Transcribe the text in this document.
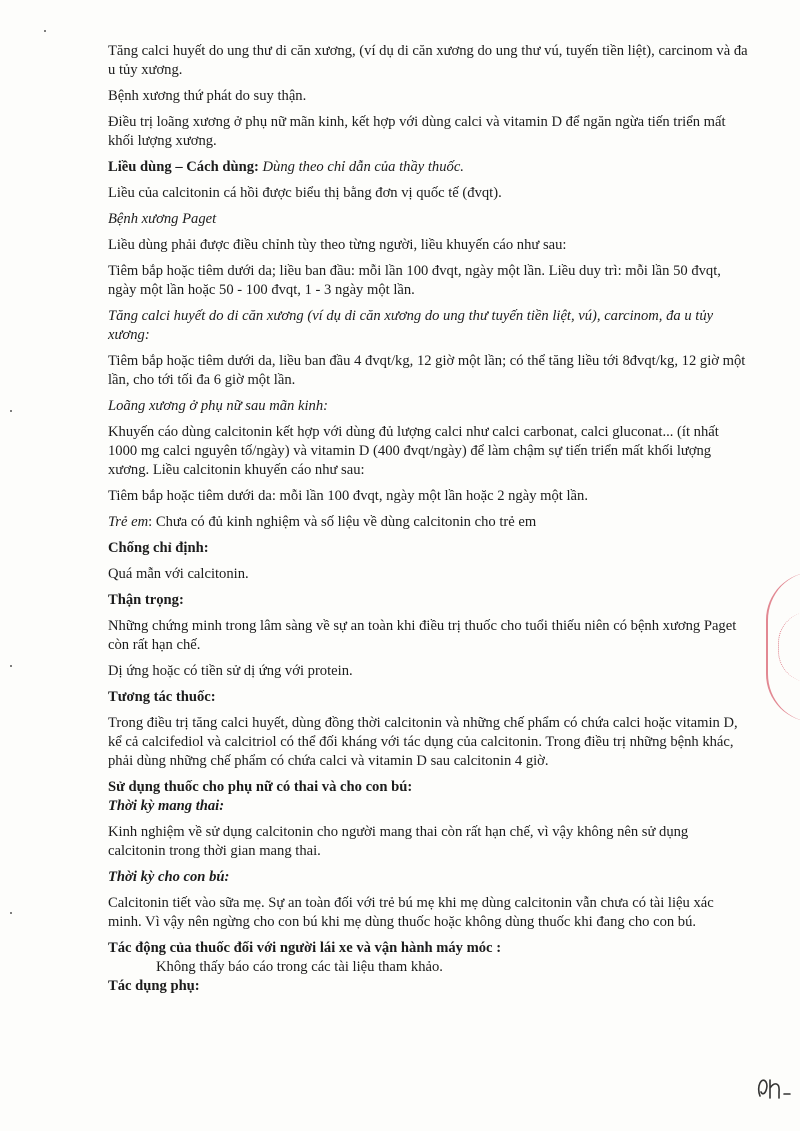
Tăng calci huyết do ung thư di căn xương, (ví dụ di căn xương do ung thư vú, tuyến tiền liệt), carcinom và đa u tủy xương.

Bệnh xương thứ phát do suy thận.

Điều trị loãng xương ở phụ nữ mãn kinh, kết hợp với dùng calci và vitamin D để ngăn ngừa tiến triển mất khối lượng xương.

Liều dùng – Cách dùng: Dùng theo chỉ dẫn của thầy thuốc.

Liều của calcitonin cá hồi được biểu thị bằng đơn vị quốc tế (đvqt).

Bệnh xương Paget

Liều dùng phải được điều chỉnh tùy theo từng người, liều khuyến cáo như sau:

Tiêm bắp hoặc tiêm dưới da; liều ban đầu: mỗi lần 100 đvqt, ngày một lần. Liều duy trì: mỗi lần 50 đvqt, ngày một lần hoặc 50 - 100 đvqt, 1 - 3 ngày một lần.

Tăng calci huyết do di căn xương (ví dụ di căn xương do ung thư tuyến tiền liệt, vú), carcinom, đa u tủy xương:

Tiêm bắp hoặc tiêm dưới da, liều ban đầu 4 đvqt/kg, 12 giờ một lần; có thể tăng liều tới 8đvqt/kg, 12 giờ một lần, cho tới tối đa 6 giờ một lần.

Loãng xương ở phụ nữ sau mãn kinh:

Khuyến cáo dùng calcitonin kết hợp với dùng đủ lượng calci như calci carbonat, calci gluconat... (ít nhất 1000 mg calci nguyên tố/ngày) và vitamin D (400 đvqt/ngày) để làm chậm sự tiến triển mất khối lượng xương. Liều calcitonin khuyến cáo như sau:

Tiêm bắp hoặc tiêm dưới da: mỗi lần 100 đvqt, ngày một lần hoặc 2 ngày một lần.

Trẻ em: Chưa có đủ kinh nghiệm và số liệu về dùng calcitonin cho trẻ em

Chống chỉ định:

Quá mẫn với calcitonin.

Thận trọng:

Những chứng minh trong lâm sàng về sự an toàn khi điều trị thuốc cho tuổi thiếu niên có bệnh xương Paget còn rất hạn chế.

Dị ứng hoặc có tiền sử dị ứng với protein.

Tương tác thuốc:

Trong điều trị tăng calci huyết, dùng đồng thời calcitonin và những chế phẩm có chứa calci hoặc vitamin D, kể cả calcifediol và calcitriol có thể đối kháng với tác dụng của calcitonin. Trong điều trị những bệnh khác, phải dùng những chế phẩm có chứa calci và vitamin D sau calcitonin 4 giờ.

Sử dụng thuốc cho phụ nữ có thai và cho con bú:

Thời kỳ mang thai:

Kinh nghiệm về sử dụng calcitonin cho người mang thai còn rất hạn chế, vì vậy không nên sử dụng calcitonin trong thời gian mang thai.

Thời kỳ cho con bú:

Calcitonin tiết vào sữa mẹ. Sự an toàn đối với trẻ bú mẹ khi mẹ dùng calcitonin vẫn chưa có tài liệu xác minh. Vì vậy nên ngừng cho con bú khi mẹ dùng thuốc hoặc không dùng thuốc khi đang cho con bú.

Tác động của thuốc đối với người lái xe và vận hành máy móc :

Không thấy báo cáo trong các tài liệu tham khảo.

Tác dụng phụ:
